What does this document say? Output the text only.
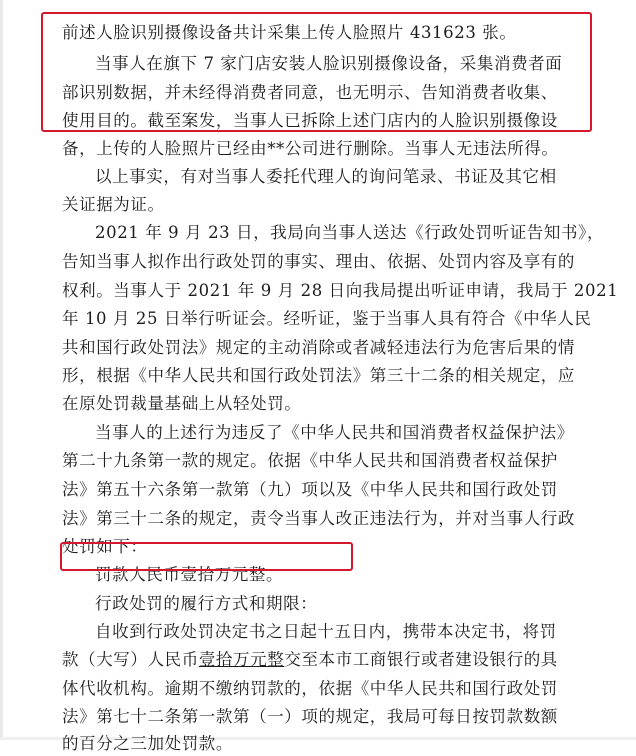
前述人脸识别摄像设备共计采集上传人脸照片 431623 张。
当事人在旗下 7 家门店安装人脸识别摄像设备，采集消费者面
部识别数据，并未经得消费者同意，也无明示、告知消费者收集、
使用目的。截至案发，当事人已拆除上述门店内的人脸识别摄像设
备，上传的人脸照片已经由**公司进行删除。当事人无违法所得。
以上事实，有对当事人委托代理人的询问笔录、书证及其它相
关证据为证。
2021 年 9 月 23 日，我局向当事人送达《行政处罚听证告知书》，
告知当事人拟作出行政处罚的事实、理由、依据、处罚内容及享有的
权利。当事人于 2021 年 9 月 28 日向我局提出听证申请，我局于 2021
年 10 月 25 日举行听证会。经听证，鉴于当事人具有符合《中华人民
共和国行政处罚法》规定的主动消除或者减轻违法行为危害后果的情
形，根据《中华人民共和国行政处罚法》第三十二条的相关规定，应
在原处罚裁量基础上从轻处罚。
当事人的上述行为违反了《中华人民共和国消费者权益保护法》
第二十九条第一款的规定。依据《中华人民共和国消费者权益保护
法》第五十六条第一款第（九）项以及《中华人民共和国行政处罚
法》第三十二条的规定，责令当事人改正违法行为，并对当事人行政
处罚如下：
罚款人民币壹拾万元整。
行政处罚的履行方式和期限：
自收到行政处罚决定书之日起十五日内，携带本决定书，将罚
款（大写）人民币壹拾万元整交至本市工商银行或者建设银行的具
体代收机构。逾期不缴纳罚款的，依据《中华人民共和国行政处罚
法》第七十二条第一款第（一）项的规定，我局可每日按罚款数额
的百分之三加处罚款。
